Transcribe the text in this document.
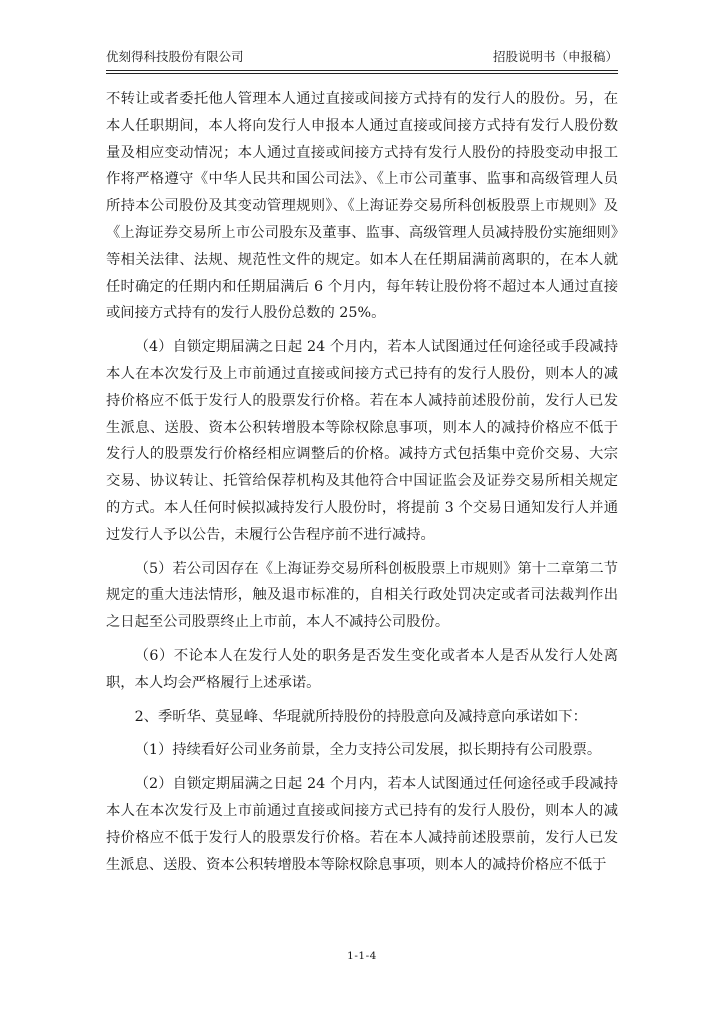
优刻得科技股份有限公司	招股说明书（申报稿）

不转让或者委托他人管理本人通过直接或间接方式持有的发行人的股份。另，在本人任职期间，本人将向发行人申报本人通过直接或间接方式持有发行人股份数量及相应变动情况；本人通过直接或间接方式持有发行人股份的持股变动申报工作将严格遵守《中华人民共和国公司法》、《上市公司董事、监事和高级管理人员所持本公司股份及其变动管理规则》、《上海证券交易所科创板股票上市规则》及《上海证券交易所上市公司股东及董事、监事、高级管理人员减持股份实施细则》等相关法律、法规、规范性文件的规定。如本人在任期届满前离职的，在本人就任时确定的任期内和任期届满后 6 个月内，每年转让股份将不超过本人通过直接或间接方式持有的发行人股份总数的 25%。

（4）自锁定期届满之日起 24 个月内，若本人试图通过任何途径或手段减持本人在本次发行及上市前通过直接或间接方式已持有的发行人股份，则本人的减持价格应不低于发行人的股票发行价格。若在本人减持前述股份前，发行人已发生派息、送股、资本公积转增股本等除权除息事项，则本人的减持价格应不低于发行人的股票发行价格经相应调整后的价格。减持方式包括集中竞价交易、大宗交易、协议转让、托管给保荐机构及其他符合中国证监会及证券交易所相关规定的方式。本人任何时候拟减持发行人股份时，将提前 3 个交易日通知发行人并通过发行人予以公告，未履行公告程序前不进行减持。

（5）若公司因存在《上海证券交易所科创板股票上市规则》第十二章第二节规定的重大违法情形，触及退市标准的，自相关行政处罚决定或者司法裁判作出之日起至公司股票终止上市前，本人不减持公司股份。

（6）不论本人在发行人处的职务是否发生变化或者本人是否从发行人处离职，本人均会严格履行上述承诺。

2、季昕华、莫显峰、华琨就所持股份的持股意向及减持意向承诺如下：

（1）持续看好公司业务前景，全力支持公司发展，拟长期持有公司股票。

（2）自锁定期届满之日起 24 个月内，若本人试图通过任何途径或手段减持本人在本次发行及上市前通过直接或间接方式已持有的发行人股份，则本人的减持价格应不低于发行人的股票发行价格。若在本人减持前述股票前，发行人已发生派息、送股、资本公积转增股本等除权除息事项，则本人的减持价格应不低于

1-1-4
